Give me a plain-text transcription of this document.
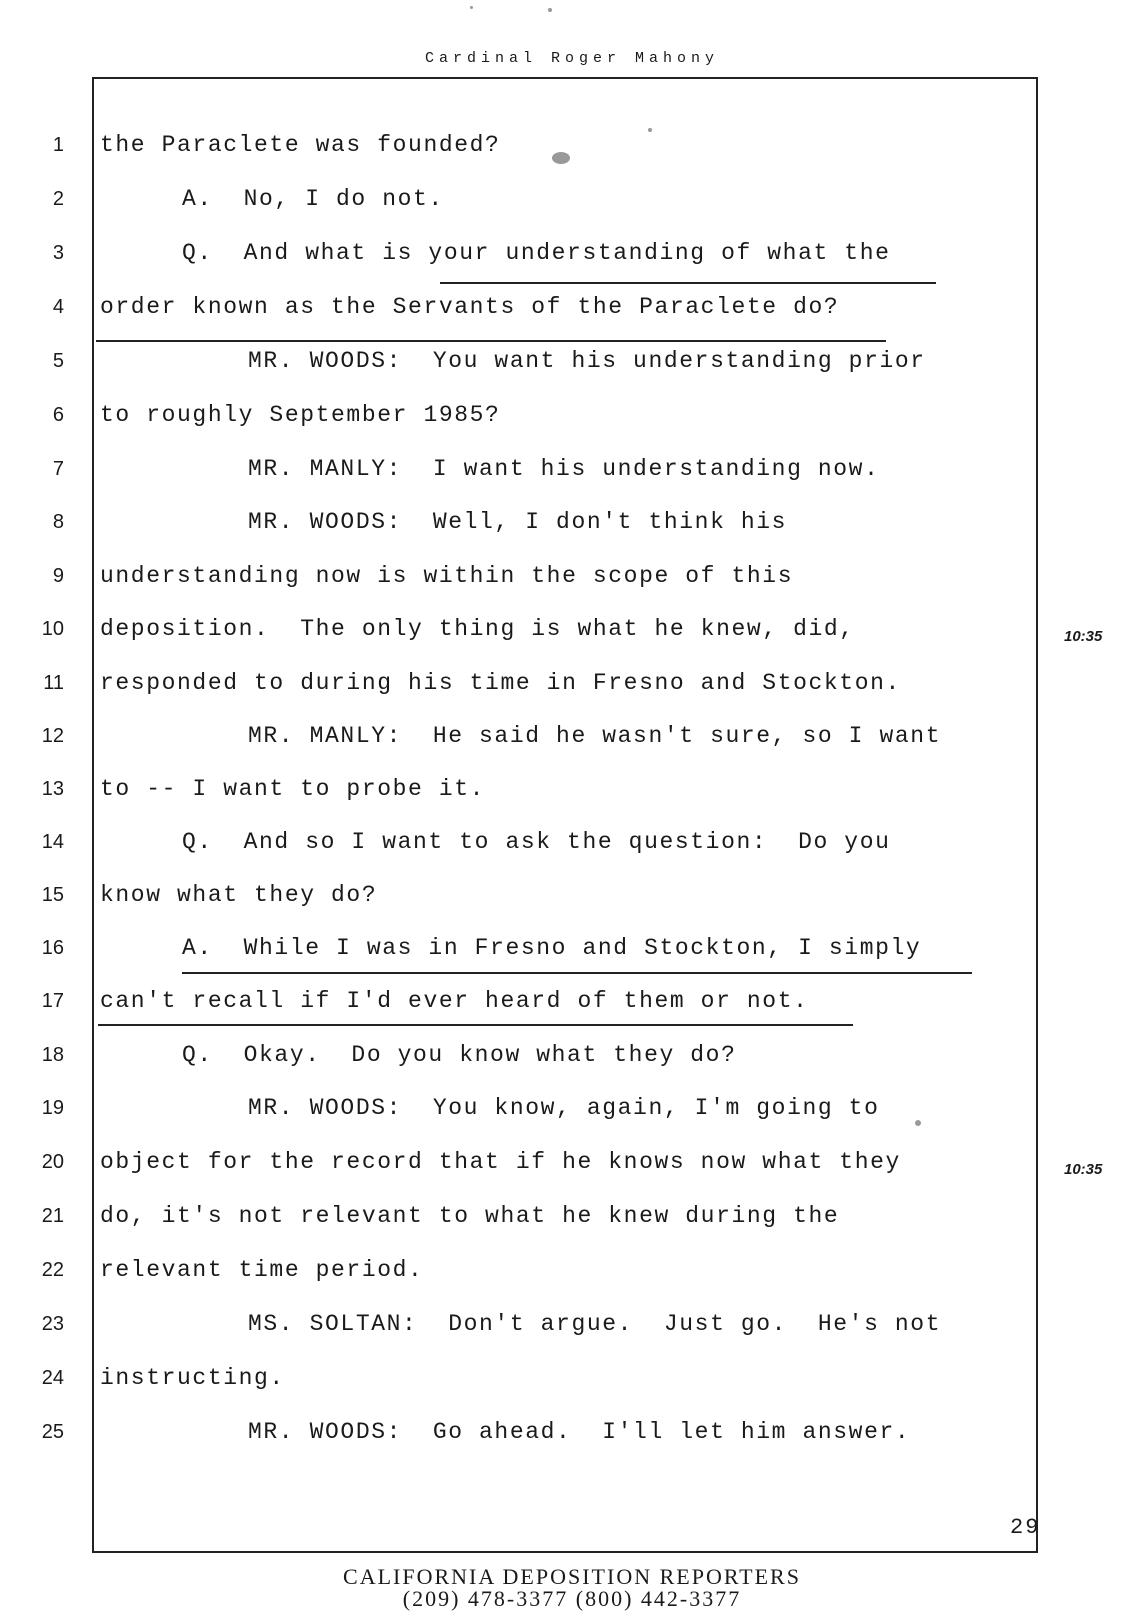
Cardinal Roger Mahony
1 the Paraclete was founded?
2	A.  No, I do not.
3	Q.  And what is your understanding of what the
4 order known as the Servants of the Paraclete do?
5	MR. WOODS:  You want his understanding prior
6 to roughly September 1985?
7	MR. MANLY:  I want his understanding now.
8	MR. WOODS:  Well, I don't think his
9 understanding now is within the scope of this
10 deposition.  The only thing is what he knew, did,
11 responded to during his time in Fresno and Stockton.
12	MR. MANLY:  He said he wasn't sure, so I want
13 to -- I want to probe it.
14	Q.  And so I want to ask the question:  Do you
15 know what they do?
16	A.  While I was in Fresno and Stockton, I simply
17 can't recall if I'd ever heard of them or not.
18	Q.  Okay.  Do you know what they do?
19	MR. WOODS:  You know, again, I'm going to
20 object for the record that if he knows now what they
21 do, it's not relevant to what he knew during the
22 relevant time period.
23	MS. SOLTAN:  Don't argue.  Just go.  He's not
24 instructing.
25	MR. WOODS:  Go ahead.  I'll let him answer.
10:35
10:35
29
CALIFORNIA DEPOSITION REPORTERS
(209) 478-3377 (800) 442-3377
